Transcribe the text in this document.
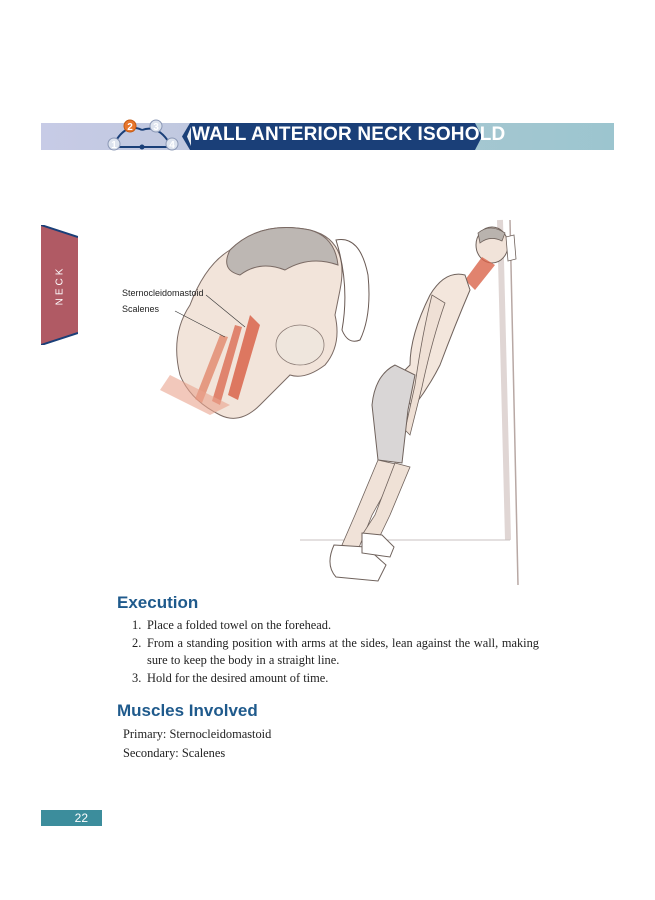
1
2 3
4
WALL ANTERIOR NECK ISOHOLD
NECK	Sternocleidomastoid
Scalenes
Execution
1. Place a folded towel on the forehead.
2. From a standing position with arms at the sides, lean against the wall, making sure to keep the body in a straight line.
3. Hold for the desired amount of time.
Muscles Involved
Primary: Sternocleidomastoid
Secondary: Scalenes
22
